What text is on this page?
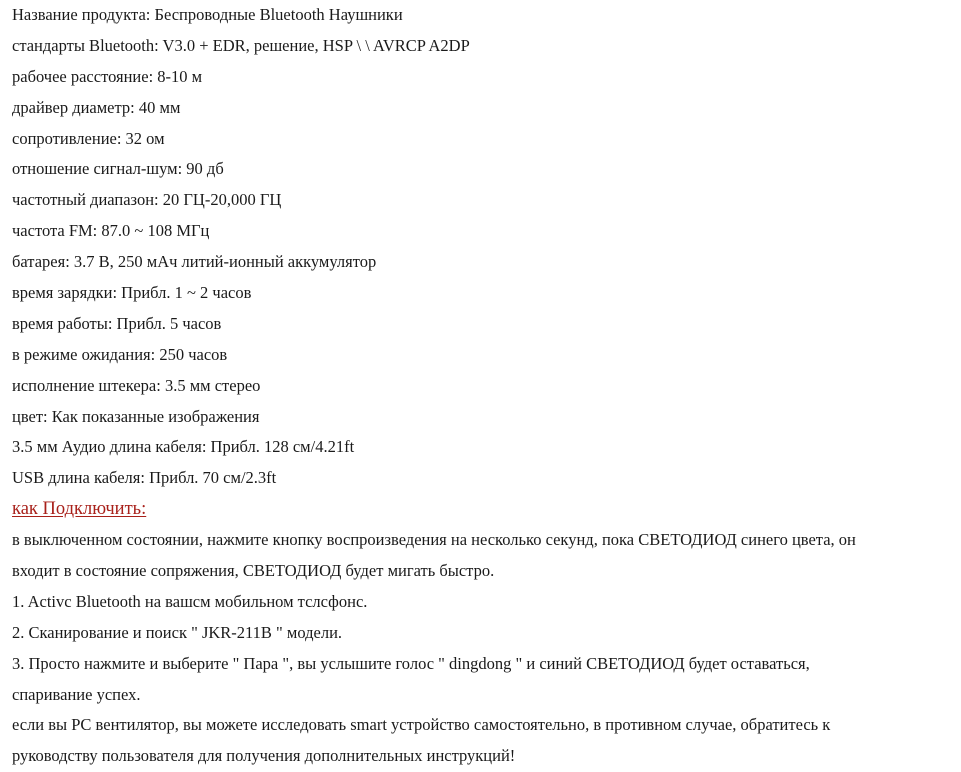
Название продукта: Беспроводные Bluetooth Наушники
стандарты Bluetooth: V3.0 + EDR, решение, HSP \ \ AVRCP A2DP
рабочее расстояние: 8-10 м
драйвер диаметр: 40 мм
сопротивление: 32 ом
отношение сигнал-шум: 90 дб
частотный диапазон: 20 ГЦ-20,000 ГЦ
частота FM: 87.0 ~ 108 МГц
батарея: 3.7 В, 250 мАч литий-ионный аккумулятор
время зарядки: Прибл. 1 ~ 2 часов
время работы: Прибл. 5 часов
в режиме ожидания: 250 часов
исполнение штекера: 3.5 мм стерео
цвет: Как показанные изображения
3.5 мм Аудио длина кабеля: Прибл. 128 см/4.21ft
USB длина кабеля: Прибл. 70 см/2.3ft
как Подключить:
в выключенном состоянии, нажмите кнопку воспроизведения на несколько секунд, пока СВЕТОДИОД синего цвета, он
входит в состояние сопряжения, СВЕТОДИОД будет мигать быстро.
1. Activc Bluetooth на вашсм мобильном тслсфонс.
2. Сканирование и поиск " JKR-211B " модели.
3. Просто нажмите и выберите " Пара ", вы услышите голос " dingdong " и синий СВЕТОДИОД будет оставаться,
спаривание успех.
если вы PC вентилятор, вы можете исследовать smart устройство самостоятельно, в противном случае, обратитесь к
руководству пользователя для получения дополнительных инструкций!
